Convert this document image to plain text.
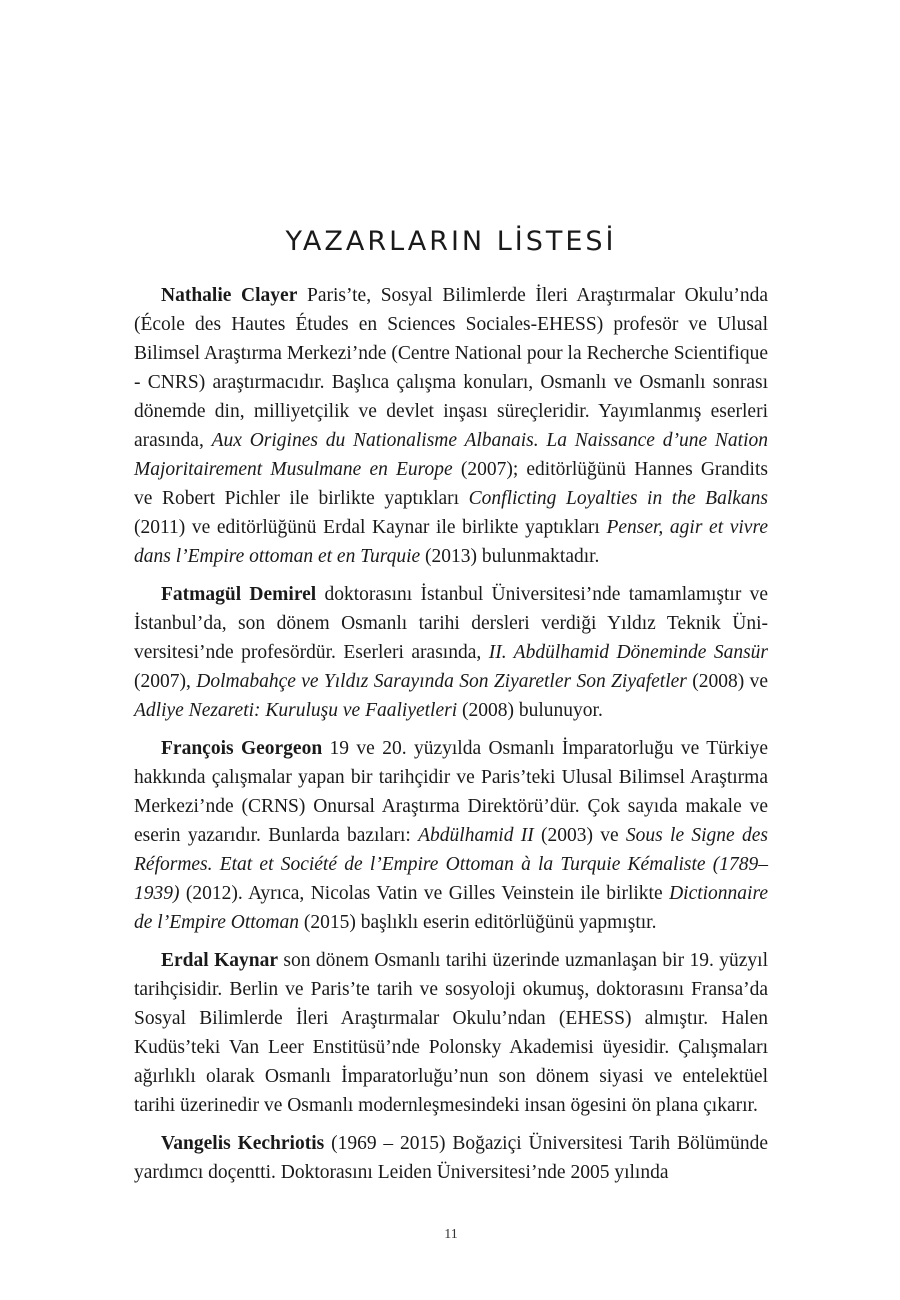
YAZARLARIN LİSTESİ

Nathalie Clayer Paris’te, Sosyal Bilimlerde İleri Araştırmalar Okulu’nda (École des Hautes Études en Sciences Sociales-EHESS) profesör ve Ulusal Bilimsel Araştırma Merkezi’nde (Centre National pour la Recherche Scientifique - CNRS) araştırmacıdır. Başlıca çalışma konuları, Osmanlı ve Osmanlı sonrası dönemde din, milliyetçilik ve devlet inşası süreçleridir. Yayımlanmış eserleri arasında, Aux Origines du Nationalisme Albanais. La Naissance d’une Nation Majoritairement Musulmane en Europe (2007); editörlüğünü Hannes Grandits ve Robert Pichler ile birlikte yaptıkları Conflicting Loyalties in the Balkans (2011) ve editörlüğünü Erdal Kaynar ile birlikte yaptıkları Penser, agir et vivre dans l’Empire ottoman et en Turquie (2013) bulunmaktadır.

Fatmagül Demirel doktorasını İstanbul Üniversitesi’nde tamamlamıştır ve İstanbul’da, son dönem Osmanlı tarihi dersleri verdiği Yıldız Teknik Üniversitesi’nde profesördür. Eserleri arasında, II. Abdülhamid Döneminde Sansür (2007), Dolmabahçe ve Yıldız Sarayında Son Ziyaretler Son Ziyafetler (2008) ve Adliye Nezareti: Kuruluşu ve Faaliyetleri (2008) bulunuyor.

François Georgeon 19 ve 20. yüzyılda Osmanlı İmparatorluğu ve Türkiye hakkında çalışmalar yapan bir tarihçidir ve Paris’teki Ulusal Bilimsel Araştırma Merkezi’nde (CRNS) Onursal Araştırma Direktörü’dür. Çok sayıda makale ve eserin yazarıdır. Bunlarda bazıları: Abdülhamid II (2003) ve Sous le Signe des Réformes. Etat et Société de l’Empire Ottoman à la Turquie Kémaliste (1789–1939) (2012). Ayrıca, Nicolas Vatin ve Gilles Veinstein ile birlikte Dictionnaire de l’Empire Ottoman (2015) başlıklı eserin editörlüğünü yapmıştır.

Erdal Kaynar son dönem Osmanlı tarihi üzerinde uzmanlaşan bir 19. yüzyıl tarihçisidir. Berlin ve Paris’te tarih ve sosyoloji okumuş, doktorasını Fransa’da Sosyal Bilimlerde İleri Araştırmalar Okulu’ndan (EHESS) almıştır. Halen Kudüs’teki Van Leer Enstitüsü’nde Polonsky Akademisi üyesidir. Çalışmaları ağırlıklı olarak Osmanlı İmparatorluğu’nun son dönem siyasi ve entelektüel tarihi üzerinedir ve Osmanlı modernleşmesindeki insan ögesini ön plana çıkarır.

Vangelis Kechriotis (1969 – 2015) Boğaziçi Üniversitesi Tarih Bölümünde yardımcı doçentti. Doktorasını Leiden Üniversitesi’nde 2005 yılında

11
